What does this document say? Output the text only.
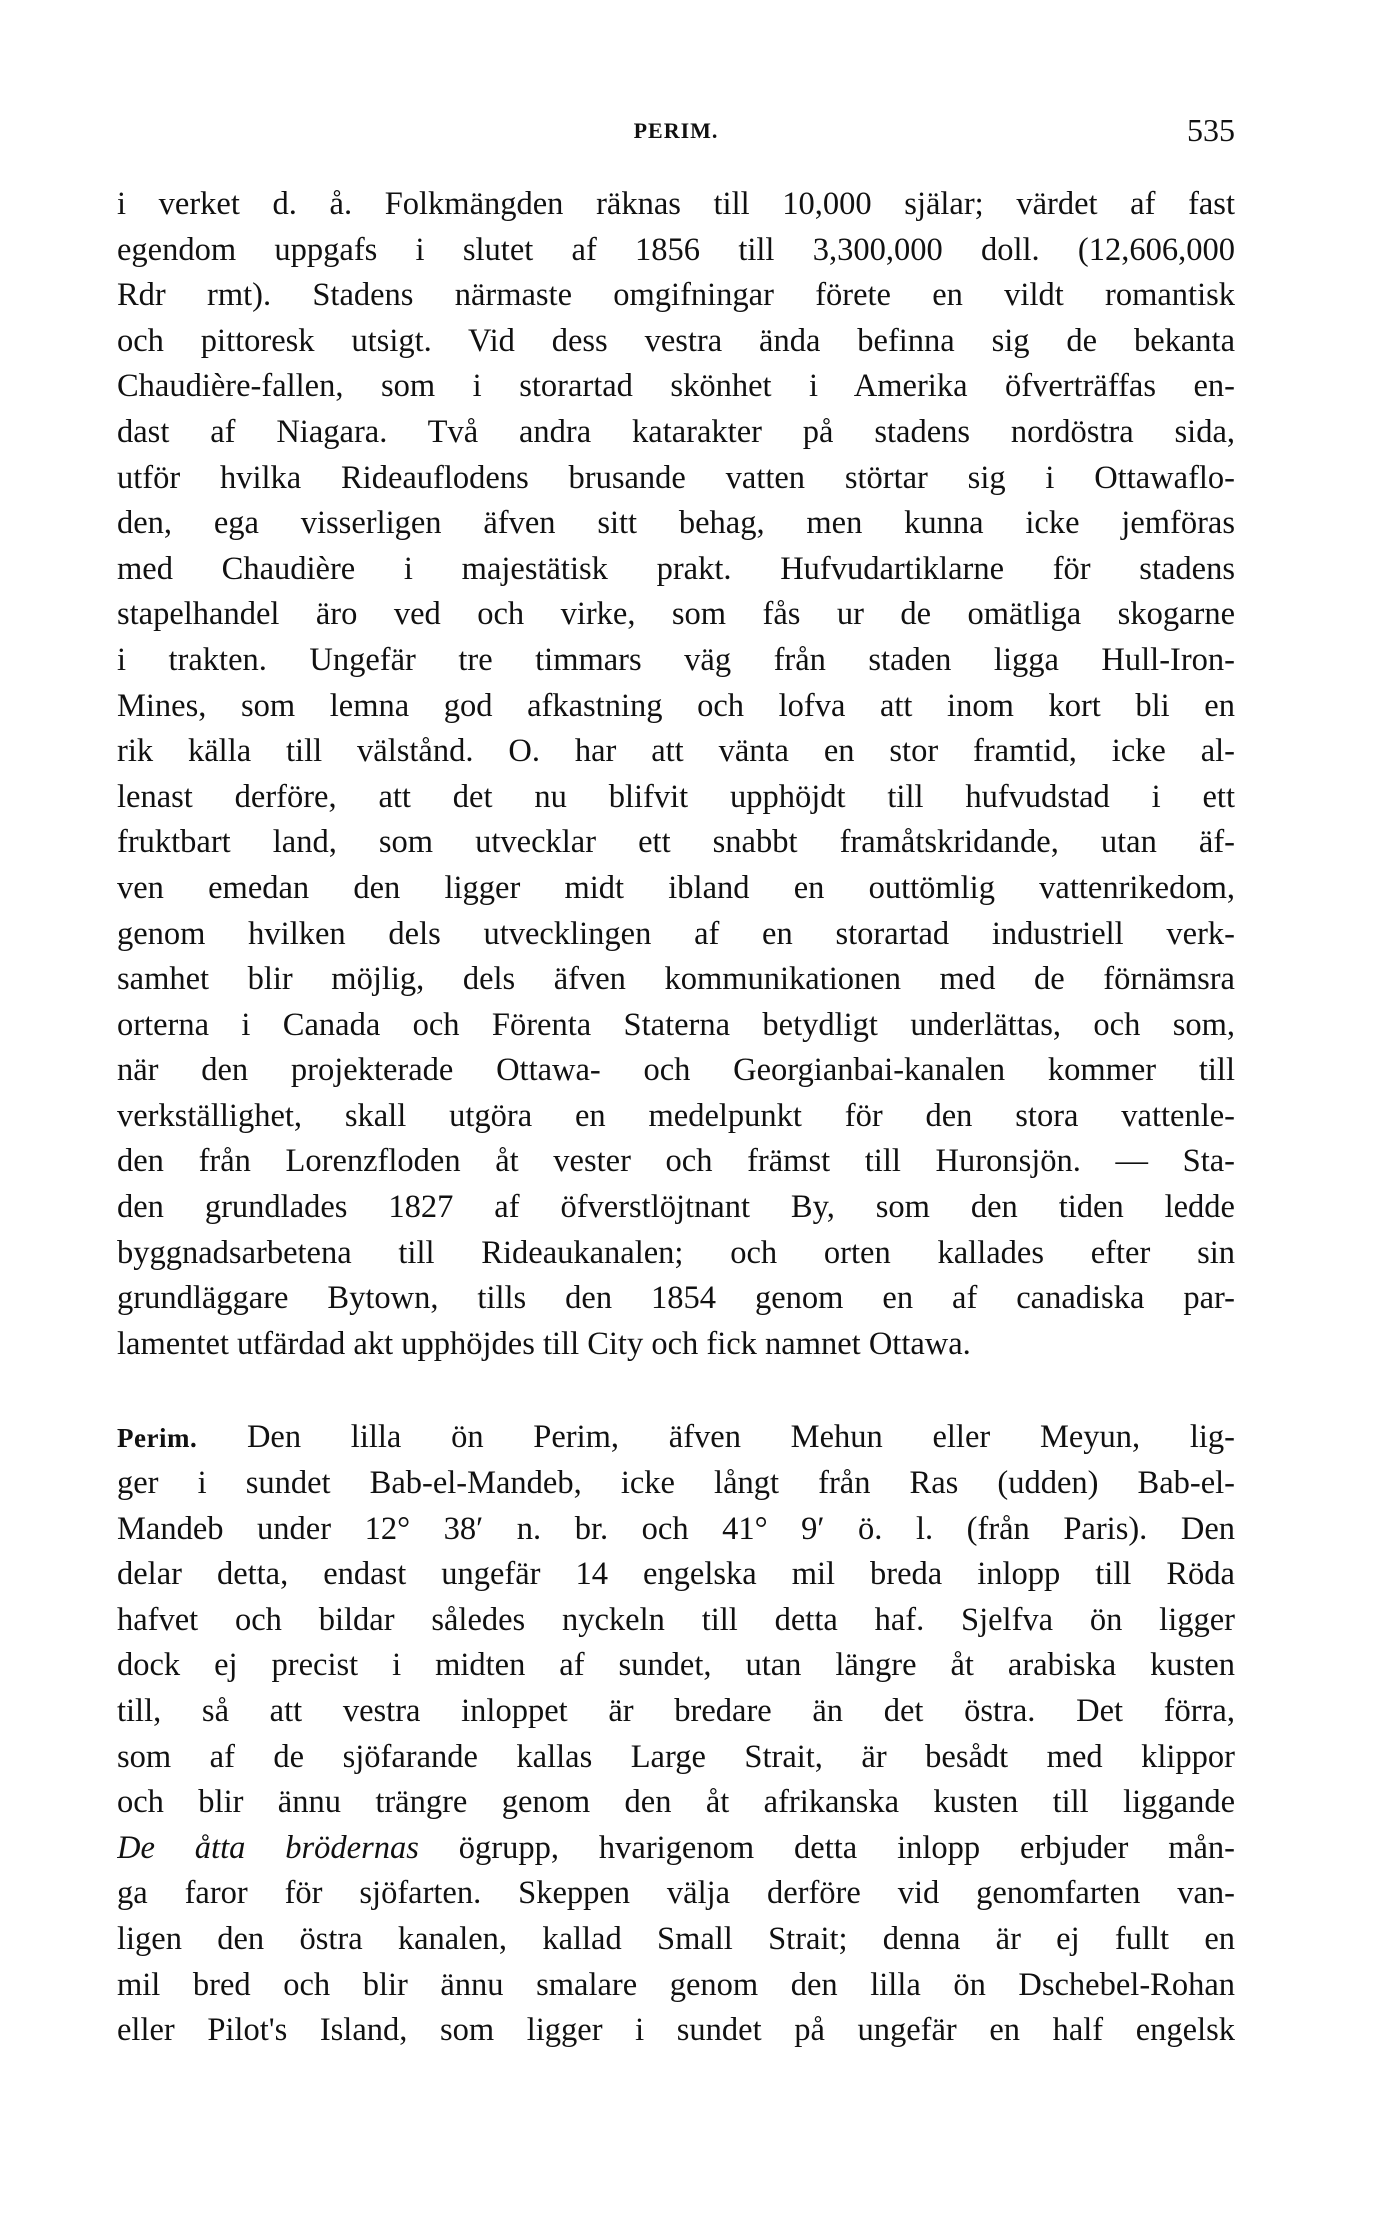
PERIM.	535
i verket d. å. Folkmängden räknas till 10,000 själar; värdet af fast
egendom uppgafs i slutet af 1856 till 3,300,000 doll. (12,606,000
Rdr rmt). Stadens närmaste omgifningar förete en vildt romantisk
och pittoresk utsigt. Vid dess vestra ända befinna sig de bekanta
Chaudière-fallen, som i storartad skönhet i Amerika öfverträffas en-
dast af Niagara. Två andra katarakter på stadens nordöstra sida,
utför hvilka Rideauflodens brusande vatten störtar sig i Ottawaflo-
den, ega visserligen äfven sitt behag, men kunna icke jemföras
med Chaudière i majestätisk prakt. Hufvudartiklarne för stadens
stapelhandel äro ved och virke, som fås ur de omätliga skogarne
i trakten. Ungefär tre timmars väg från staden ligga Hull-Iron-
Mines, som lemna god afkastning och lofva att inom kort bli en
rik källa till välstånd. O. har att vänta en stor framtid, icke al-
lenast derföre, att det nu blifvit upphöjdt till hufvudstad i ett
fruktbart land, som utvecklar ett snabbt framåtskridande, utan äf-
ven emedan den ligger midt ibland en outtömlig vattenrikedom,
genom hvilken dels utvecklingen af en storartad industriell verk-
samhet blir möjlig, dels äfven kommunikationen med de förnämsra
orterna i Canada och Förenta Staterna betydligt underlättas, och som,
när den projekterade Ottawa- och Georgianbai-kanalen kommer till
verkställighet, skall utgöra en medelpunkt för den stora vattenle-
den från Lorenzfloden åt vester och främst till Huronsjön. — Sta-
den grundlades 1827 af öfverstlöjtnant By, som den tiden ledde
byggnadsarbetena till Rideaukanalen; och orten kallades efter sin
grundläggare Bytown, tills den 1854 genom en af canadiska par-
lamentet utfärdad akt upphöjdes till City och fick namnet Ottawa.
Perim. Den lilla ön Perim, äfven Mehun eller Meyun, lig-
ger i sundet Bab-el-Mandeb, icke långt från Ras (udden) Bab-el-
Mandeb under 12° 38′ n. br. och 41° 9′ ö. l. (från Paris). Den
delar detta, endast ungefär 14 engelska mil breda inlopp till Röda
hafvet och bildar således nyckeln till detta haf. Sjelfva ön ligger
dock ej precist i midten af sundet, utan längre åt arabiska kusten
till, så att vestra inloppet är bredare än det östra. Det förra,
som af de sjöfarande kallas Large Strait, är besådt med klippor
och blir ännu trängre genom den åt afrikanska kusten till liggande
De åtta brödernas ögrupp, hvarigenom detta inlopp erbjuder mån-
ga faror för sjöfarten. Skeppen välja derföre vid genomfarten van-
ligen den östra kanalen, kallad Small Strait; denna är ej fullt en
mil bred och blir ännu smalare genom den lilla ön Dschebel-Rohan
eller Pilot's Island, som ligger i sundet på ungefär en half engelsk
